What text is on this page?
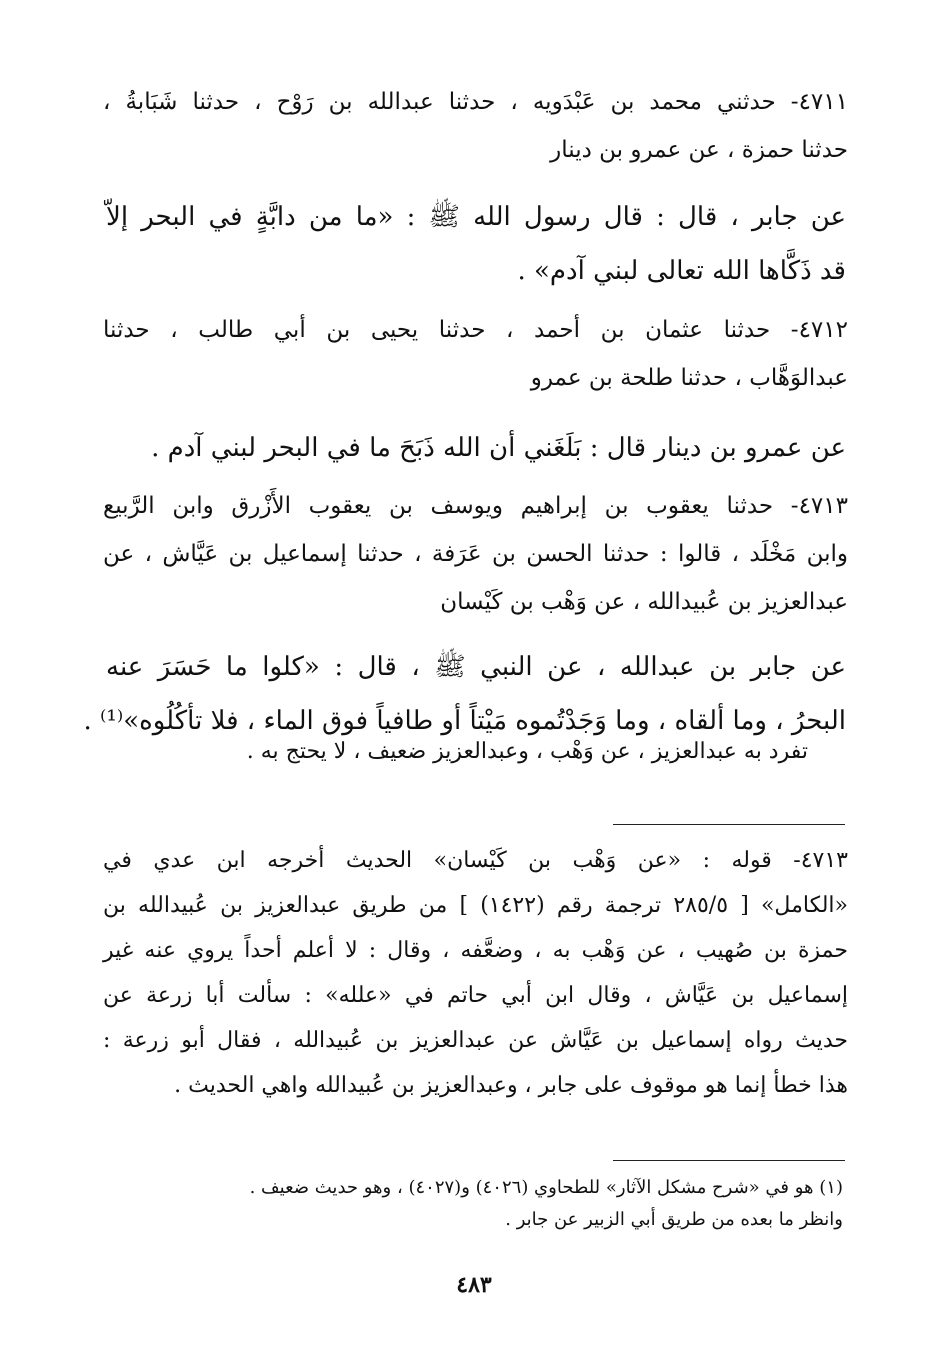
٤٧١١- حدثني محمد بن عَبْدَويه ، حدثنا عبدالله بن رَوْح ، حدثنا شَبَابةُ ،
حدثنا حمزة ، عن عمرو بن دينار
عن جابر ، قال : قال رسول الله ﷺ : «ما من دابَّةٍ في البحر إلاّ
قد ذَكَّاها الله تعالى لبني آدم» .
٤٧١٢- حدثنا عثمان بن أحمد ، حدثنا يحيى بن أبي طالب ، حدثنا
عبدالوَهَّاب ، حدثنا طلحة بن عمرو
عن عمرو بن دينار قال : بَلَغَني أن الله ذَبَحَ ما في البحر لبني آدم .
٤٧١٣- حدثنا يعقوب بن إبراهيم ويوسف بن يعقوب الأَزْرق وابن الرَّبيع
وابن مَخْلَد ، قالوا : حدثنا الحسن بن عَرَفة ، حدثنا إسماعيل بن عَيَّاش ، عن
عبدالعزيز بن عُبيدالله ، عن وَهْب بن كَيْسان
عن جابر بن عبدالله ، عن النبي ﷺ ، قال : «كلوا ما حَسَرَ عنه
البحرُ ، وما ألقاه ، وما وَجَدْتُموه مَيْتاً أو طافياً فوق الماء ، فلا تأكُلُوه»⁽¹⁾ .
تفرد به عبدالعزيز ، عن وَهْب ، وعبدالعزيز ضعيف ، لا يحتج به .
٤٧١٣- قوله : «عن وَهْب بن كَيْسان» الحديث أخرجه ابن عدي في
«الكامل» [ ٢٨٥/٥ ترجمة رقم (١٤٢٢) ] من طريق عبدالعزيز بن عُبيدالله بن
حمزة بن صُهيب ، عن وَهْب به ، وضعَّفه ، وقال : لا أعلم أحداً يروي عنه غير
إسماعيل بن عَيَّاش ، وقال ابن أبي حاتم في «علله» : سألت أبا زرعة عن
حديث رواه إسماعيل بن عَيَّاش عن عبدالعزيز بن عُبيدالله ، فقال أبو زرعة :
هذا خطأ إنما هو موقوف على جابر ، وعبدالعزيز بن عُبيدالله واهي الحديث .
(١) هو في «شرح مشكل الآثار» للطحاوي (٤٠٢٦) و(٤٠٢٧) ، وهو حديث ضعيف .
وانظر ما بعده من طريق أبي الزبير عن جابر .
٤٨٣
